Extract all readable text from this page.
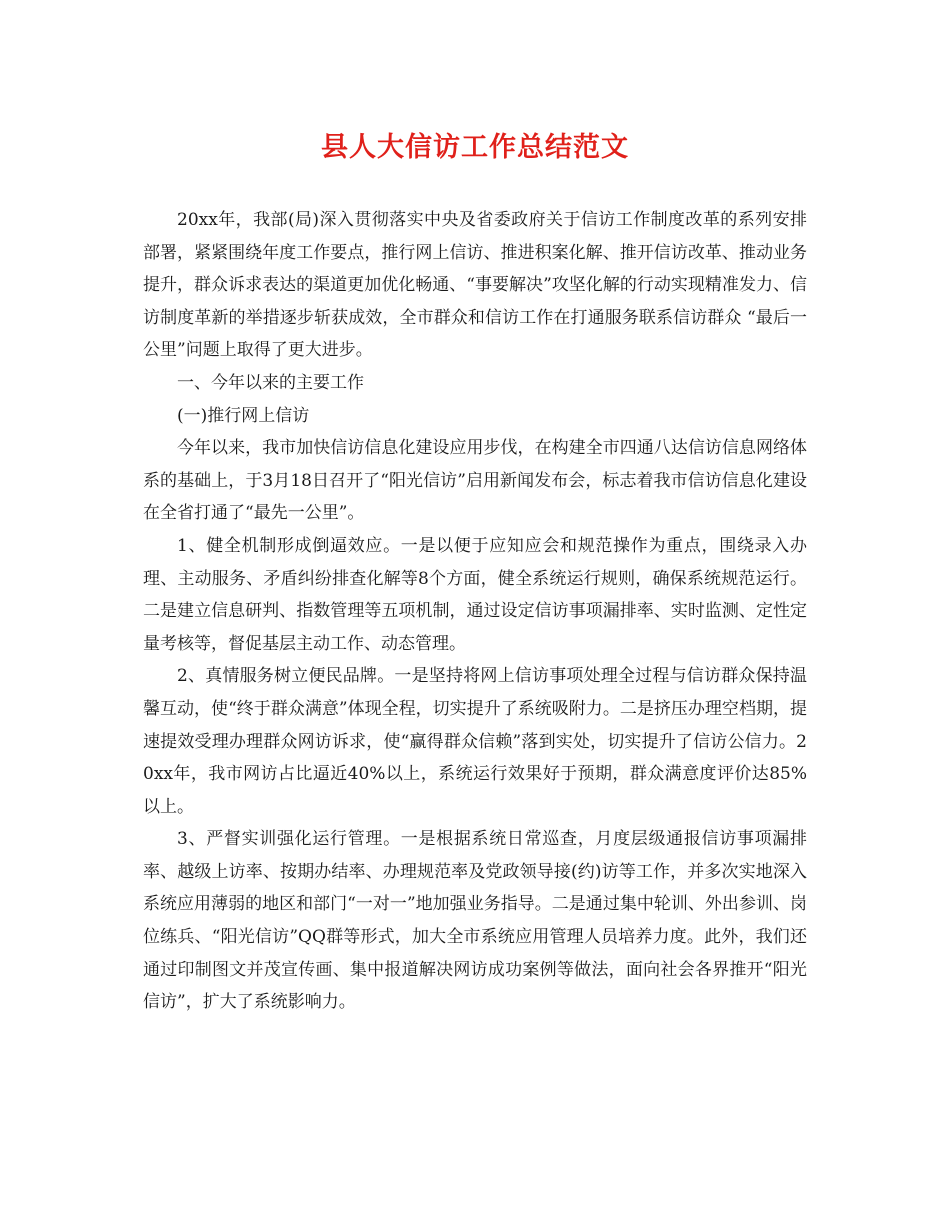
县人大信访工作总结范文

20xx年，我部(局)深入贯彻落实中央及省委政府关于信访工作制度改革的系列安排部署，紧紧围绕年度工作要点，推行网上信访、推进积案化解、推开信访改革、推动业务提升，群众诉求表达的渠道更加优化畅通、“事要解决”攻坚化解的行动实现精准发力、信访制度革新的举措逐步斩获成效，全市群众和信访工作在打通服务联系信访群众 “最后一公里”问题上取得了更大进步。

一、今年以来的主要工作

(一)推行网上信访

今年以来，我市加快信访信息化建设应用步伐，在构建全市四通八达信访信息网络体系的基础上，于3月18日召开了“阳光信访”启用新闻发布会，标志着我市信访信息化建设在全省打通了“最先一公里”。

1、健全机制形成倒逼效应。一是以便于应知应会和规范操作为重点，围绕录入办理、主动服务、矛盾纠纷排查化解等8个方面，健全系统运行规则，确保系统规范运行。二是建立信息研判、指数管理等五项机制，通过设定信访事项漏排率、实时监测、定性定量考核等，督促基层主动工作、动态管理。

2、真情服务树立便民品牌。一是坚持将网上信访事项处理全过程与信访群众保持温馨互动，使“终于群众满意”体现全程，切实提升了系统吸附力。二是挤压办理空档期，提速提效受理办理群众网访诉求，使“赢得群众信赖”落到实处，切实提升了信访公信力。20xx年，我市网访占比逼近40%以上，系统运行效果好于预期，群众满意度评价达85%以上。

3、严督实训强化运行管理。一是根据系统日常巡查，月度层级通报信访事项漏排率、越级上访率、按期办结率、办理规范率及党政领导接(约)访等工作，并多次实地深入系统应用薄弱的地区和部门“一对一”地加强业务指导。二是通过集中轮训、外出参训、岗位练兵、“阳光信访”QQ群等形式，加大全市系统应用管理人员培养力度。此外，我们还通过印制图文并茂宣传画、集中报道解决网访成功案例等做法，面向社会各界推开“阳光信访”，扩大了系统影响力。
